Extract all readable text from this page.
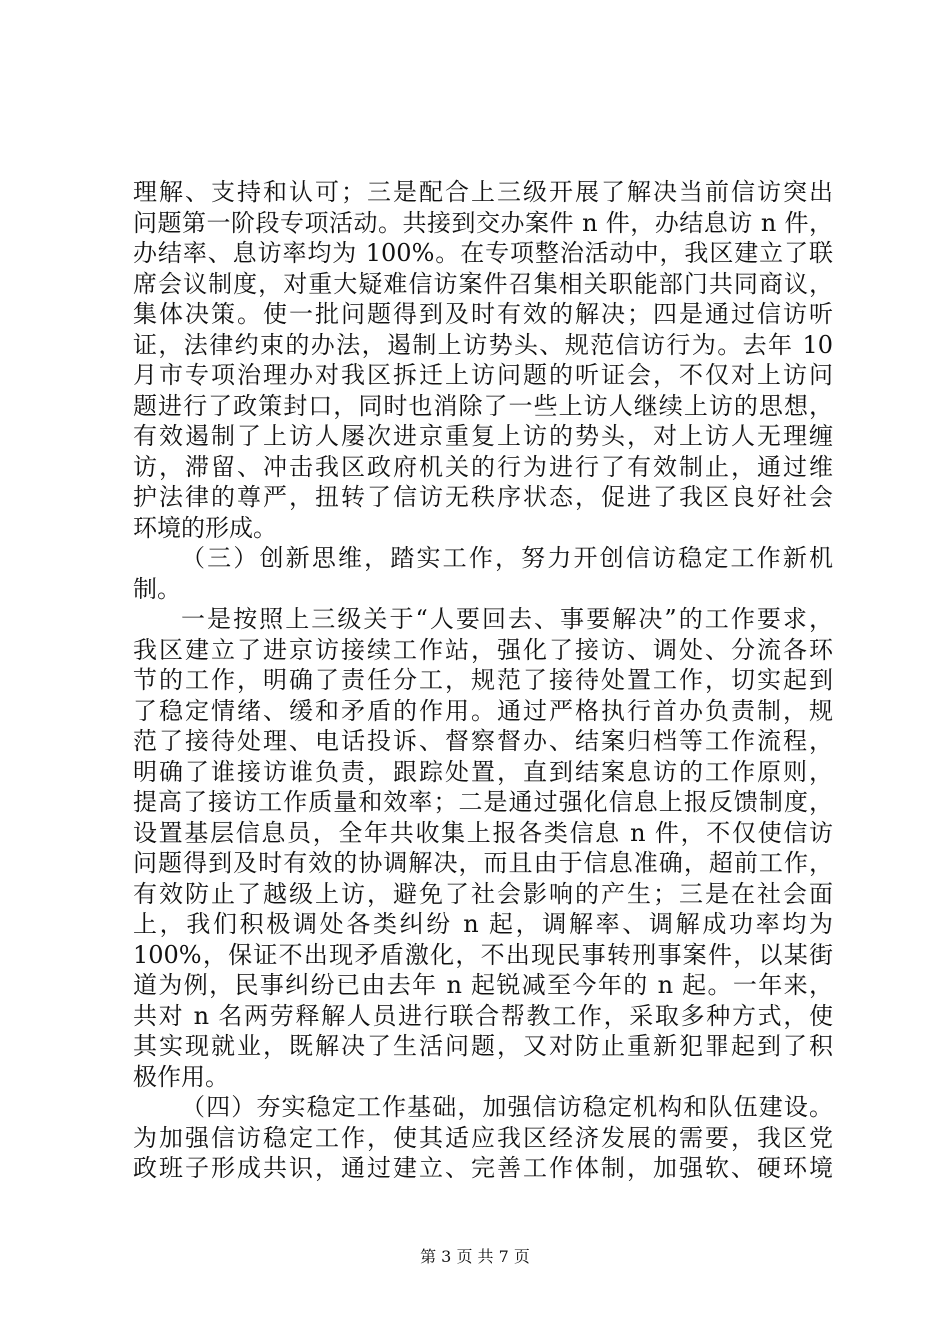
理解、支持和认可；三是配合上三级开展了解决当前信访突出
问题第一阶段专项活动。共接到交办案件 n 件，办结息访 n 件，
办结率、息访率均为 100%。在专项整治活动中，我区建立了联
席会议制度，对重大疑难信访案件召集相关职能部门共同商议，
集体决策。使一批问题得到及时有效的解决；四是通过信访听
证，法律约束的办法，遏制上访势头、规范信访行为。去年 10
月市专项治理办对我区拆迁上访问题的听证会，不仅对上访问
题进行了政策封口，同时也消除了一些上访人继续上访的思想，
有效遏制了上访人屡次进京重复上访的势头，对上访人无理缠
访，滞留、冲击我区政府机关的行为进行了有效制止，通过维
护法律的尊严，扭转了信访无秩序状态，促进了我区良好社会
环境的形成。
（三）创新思维，踏实工作，努力开创信访稳定工作新机
制。
一是按照上三级关于“人要回去、事要解决”的工作要求，
我区建立了进京访接续工作站，强化了接访、调处、分流各环
节的工作，明确了责任分工，规范了接待处置工作，切实起到
了稳定情绪、缓和矛盾的作用。通过严格执行首办负责制，规
范了接待处理、电话投诉、督察督办、结案归档等工作流程，
明确了谁接访谁负责，跟踪处置，直到结案息访的工作原则，
提高了接访工作质量和效率；二是通过强化信息上报反馈制度，
设置基层信息员，全年共收集上报各类信息 n 件，不仅使信访
问题得到及时有效的协调解决，而且由于信息准确，超前工作，
有效防止了越级上访，避免了社会影响的产生；三是在社会面
上，我们积极调处各类纠纷 n 起，调解率、调解成功率均为
100%，保证不出现矛盾激化，不出现民事转刑事案件，以某街
道为例，民事纠纷已由去年 n 起锐减至今年的 n 起。一年来，
共对 n 名两劳释解人员进行联合帮教工作，采取多种方式，使
其实现就业，既解决了生活问题，又对防止重新犯罪起到了积
极作用。
（四）夯实稳定工作基础，加强信访稳定机构和队伍建设。
为加强信访稳定工作，使其适应我区经济发展的需要，我区党
政班子形成共识，通过建立、完善工作体制，加强软、硬环境
第 3 页 共 7 页
